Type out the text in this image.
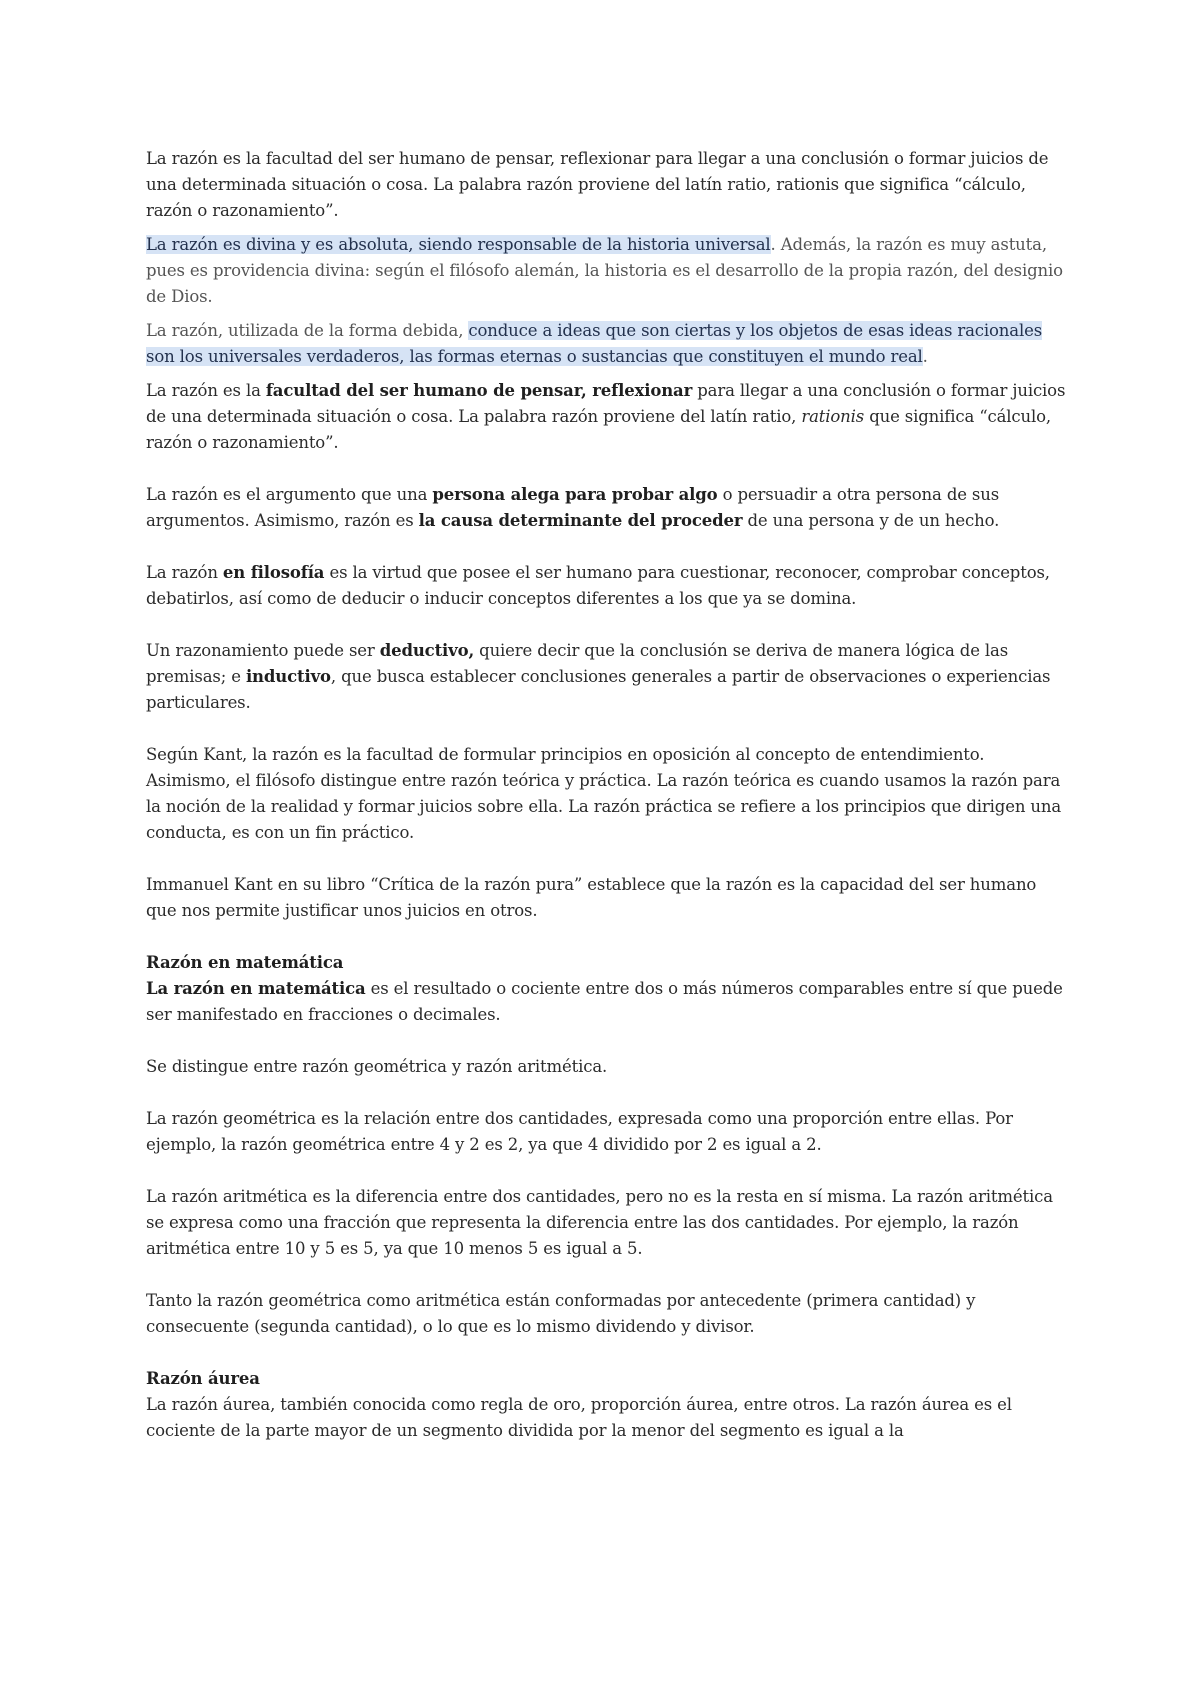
La razón es la facultad del ser humano de pensar, reflexionar para llegar a una conclusión o formar juicios de una determinada situación o cosa. La palabra razón proviene del latín ratio, rationis que significa “cálculo, razón o razonamiento”.

La razón es divina y es absoluta, siendo responsable de la historia universal. Además, la razón es muy astuta, pues es providencia divina: según el filósofo alemán, la historia es el desarrollo de la propia razón, del designio de Dios.

La razón, utilizada de la forma debida, conduce a ideas que son ciertas y los objetos de esas ideas racionales son los universales verdaderos, las formas eternas o sustancias que constituyen el mundo real.

La razón es la facultad del ser humano de pensar, reflexionar para llegar a una conclusión o formar juicios de una determinada situación o cosa. La palabra razón proviene del latín ratio, rationis que significa “cálculo, razón o razonamiento”.

La razón es el argumento que una persona alega para probar algo o persuadir a otra persona de sus argumentos. Asimismo, razón es la causa determinante del proceder de una persona y de un hecho.

La razón en filosofía es la virtud que posee el ser humano para cuestionar, reconocer, comprobar conceptos, debatirlos, así como de deducir o inducir conceptos diferentes a los que ya se domina.

Un razonamiento puede ser deductivo, quiere decir que la conclusión se deriva de manera lógica de las premisas; e inductivo, que busca establecer conclusiones generales a partir de observaciones o experiencias particulares.

Según Kant, la razón es la facultad de formular principios en oposición al concepto de entendimiento. Asimismo, el filósofo distingue entre razón teórica y práctica. La razón teórica es cuando usamos la razón para la noción de la realidad y formar juicios sobre ella. La razón práctica se refiere a los principios que dirigen una conducta, es con un fin práctico.

Immanuel Kant en su libro “Crítica de la razón pura” establece que la razón es la capacidad del ser humano que nos permite justificar unos juicios en otros.

Razón en matemática

La razón en matemática es el resultado o cociente entre dos o más números comparables entre sí que puede ser manifestado en fracciones o decimales.

Se distingue entre razón geométrica y razón aritmética.

La razón geométrica es la relación entre dos cantidades, expresada como una proporción entre ellas. Por ejemplo, la razón geométrica entre 4 y 2 es 2, ya que 4 dividido por 2 es igual a 2.

La razón aritmética es la diferencia entre dos cantidades, pero no es la resta en sí misma. La razón aritmética se expresa como una fracción que representa la diferencia entre las dos cantidades. Por ejemplo, la razón aritmética entre 10 y 5 es 5, ya que 10 menos 5 es igual a 5.

Tanto la razón geométrica como aritmética están conformadas por antecedente (primera cantidad) y consecuente (segunda cantidad), o lo que es lo mismo dividendo y divisor.

Razón áurea

La razón áurea, también conocida como regla de oro, proporción áurea, entre otros. La razón áurea es el cociente de la parte mayor de un segmento dividida por la menor del segmento es igual a la
